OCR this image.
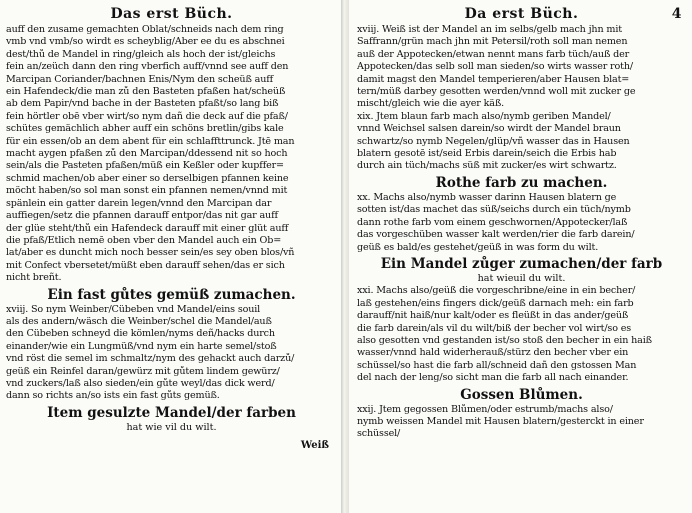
Das erst Büch.
auff den zusame gemachten Oblat/schneids nach dem ring
vmb vnd vmb/so wirdt es scheyblig/Aber ee du es abschnei
dest/thů de Mandel in ring/gleich als hoch der ist/gleichs
fein an/zeüch dann den ring vberfich auff/vnnd see auff den
Marcipan Coriander/bachnen Enis/Nym den scheüß auff
ein Hafendeck/die man zů den Basteten pfaßen hat/scheüß
ab dem Papir/vnd bache in der Basteten pfaßt/so lang biß
fein hörtler obē vber wirt/so nym dañ die deck auf die pfaß/
schütes gemächlich abher auff ein schöns bretlin/gibs kale
für ein essen/ob an dem abent für ein schlaffttrunck. Jtē man
macht aygen pfaßen zů den Marcipan/ddessend nit so hoch
sein/als die Pasteten pfaßen/müß ein Keßler oder kupffer=
schmid machen/ob aber einer so derselbigen pfannen keine
möcht haben/so sol man sonst ein pfannen nemen/vnnd mit
spänlein ein gatter darein legen/vnnd den Marcipan dar
auffiegen/setz die pfannen darauff entpor/das nit gar auff
der glüe steht/thů ein Hafendeck darauff mit einer glüt auff
die pfaß/Etlich nemē oben vber den Mandel auch ein Ob=
lat/aber es duncht mich noch besser sein/es sey oben blos/vñ
mit Confect vbersetet/müßt eben darauff sehen/das er sich
nicht breñt.
Ein fast gůtes gemüß zumachen.
xviij. So nym Weinber/Cübeben vnd Mandel/eins souil
als des andern/wäsch die Weinber/schel die Mandel/auß
den Cübeben schneyd die kömlen/nyms deñ/hacks durch
einander/wie ein Lungmüß/vnd nym ein harte semel/stoß
vnd röst die semel im schmaltz/nym des gehackt auch darzů/
geüß ein Reinfel daran/gewürz mit gůtem lindem gewürz/
vnd zuckers/laß also sieden/ein gůte weyl/das dick werd/
dann so richts an/so ists ein fast gůts gemüß.
Item gesulzte Mandel/der farben
hat wie vil du wilt.
Weiß
Da erst Büch.	4
xviij. Weiß ist der Mandel an im selbs/gelb mach jhn mit
Saffrann/grün mach jhn mit Petersil/roth soll man nemen
auß der Appotecken/etwan nennt mans farb tüch/auß der
Appotecken/das selb soll man sieden/so wirts wasser roth/
damit magst den Mandel temperieren/aber Hausen blat=
tern/müß darbey gesotten werden/vnnd woll mit zucker ge
mischt/gleich wie die ayer käß.
xix. Jtem blaun farb mach also/nymb geriben Mandel/
vnnd Weichsel salsen darein/so wirdt der Mandel braun
schwartz/so nymb Negelen/glüp/vñ wasser das in Hausen
blatern gesotē ist/seid Erbis darein/seich die Erbis hab
durch ain tüch/machs süß mit zucker/es wirt schwartz.
Rothe farb zu machen.
xx. Machs also/nymb wasser darinn Hausen blatern ge
sotten ist/das machet das süß/seichs durch ein tüch/nymb
dann rothe farb vom einem geschwornen/Appotecker/laß
das vorgeschüben wasser kalt werden/rier die farb darein/
geüß es bald/es gestehet/geüß in was form du wilt.
Ein Mandel zůger zumachen/der farb
hat wieuil du wilt.
xxi. Machs also/geüß die vorgeschribne/eine in ein becher/
laß gestehen/eins fingers dick/geüß darnach meh: ein farb
darauff/nit haiß/nur kalt/oder es fleüßt in das ander/geüß
die farb darein/als vil du wilt/biß der becher vol wirt/so es
also gesotten vnd gestanden ist/so stoß den becher in ein haiß
wasser/vnnd hald widerherauß/stürz den becher vber ein
schüssel/so hast die farb all/schneid dañ den gstossen Man
del nach der leng/so sicht man die farb all nach einander.
Gossen Blůmen.
xxij. Jtem gegossen Blůmen/oder estrumb/machs also/
nymb weissen Mandel mit Hausen blatern/gesterckt in einer
schüssel/
